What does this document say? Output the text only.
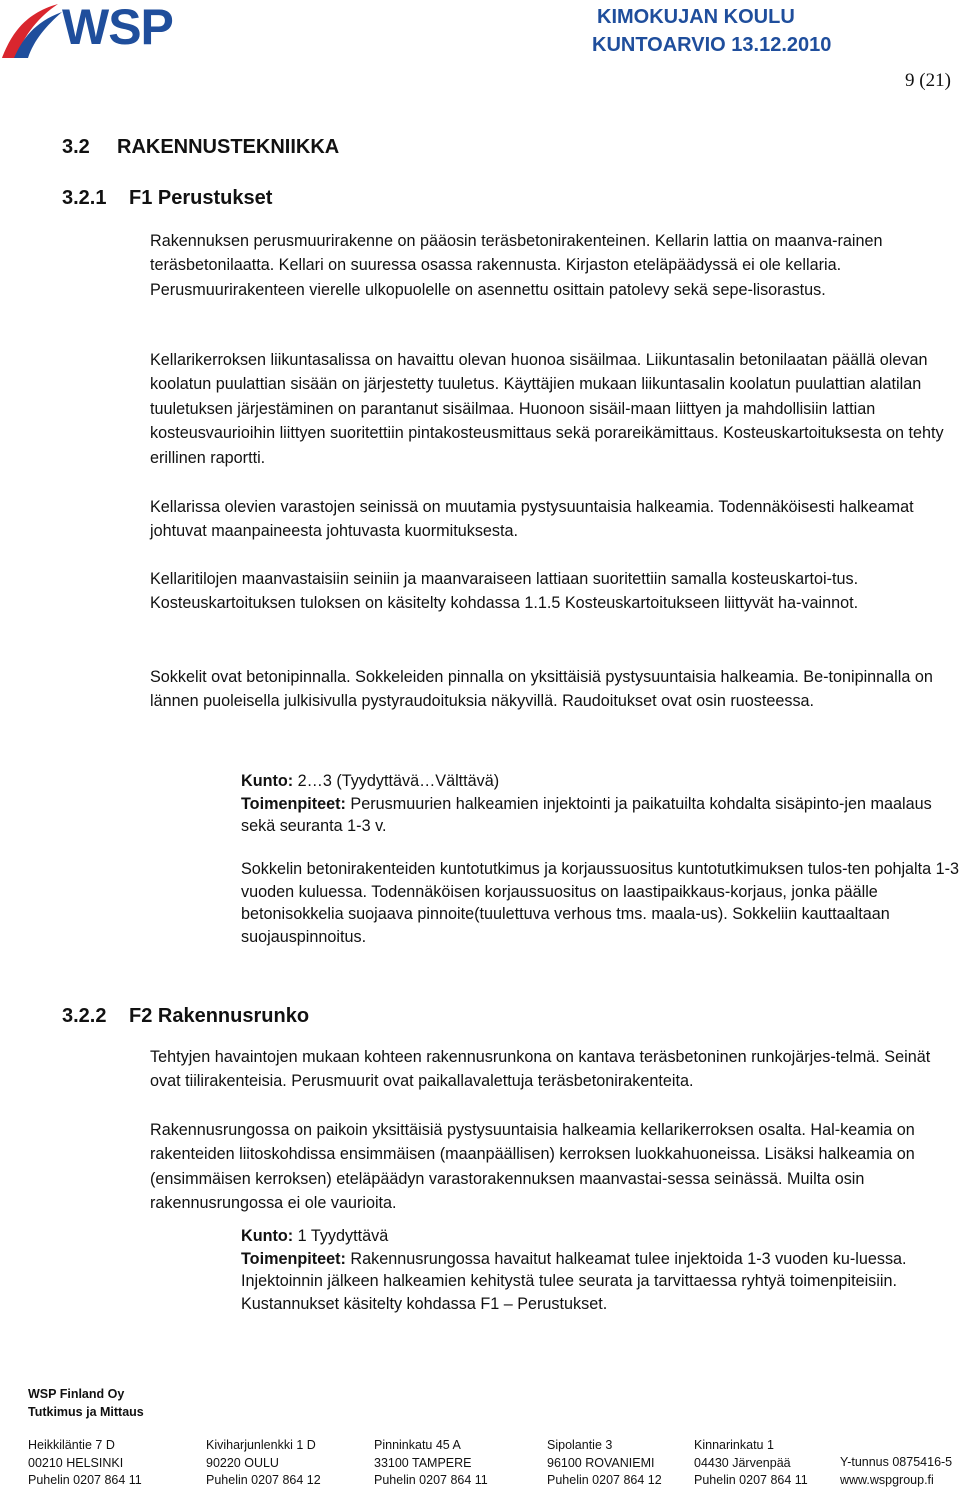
WSP	KIMOKUJAN KOULU
KUNTOARVIO 13.12.2010
9 (21)
3.2 RAKENNUSTEKNIIKKA
3.2.1 F1 Perustukset

Rakennuksen perusmuurirakenne on pääosin teräsbetonirakenteinen. Kellarin lattia on maanva-rainen teräsbetonilaatta. Kellari on suuressa osassa rakennusta. Kirjaston eteläpäädyssä ei ole kellaria. Perusmuurirakenteen vierelle ulkopuolelle on asennettu osittain patolevy sekä sepe-lisorastus.

Kellarikerroksen liikuntasalissa on havaittu olevan huonoa sisäilmaa. Liikuntasalin betonilaatan päällä olevan koolatun puulattian sisään on järjestetty tuuletus. Käyttäjien mukaan liikuntasalin koolatun puulattian alatilan tuuletuksen järjestäminen on parantanut sisäilmaa. Huonoon sisäil-maan liittyen ja mahdollisiin lattian kosteusvaurioihin liittyen suoritettiin pintakosteusmittaus sekä porareikämittaus. Kosteuskartoituksesta on tehty erillinen raportti.

Kellarissa olevien varastojen seinissä on muutamia pystysuuntaisia halkeamia. Todennäköisesti halkeamat johtuvat maanpaineesta johtuvasta kuormituksesta.

Kellaritilojen maanvastaisiin seiniin ja maanvaraiseen lattiaan suoritettiin samalla kosteuskartoi-tus. Kosteuskartoituksen tuloksen on käsitelty kohdassa 1.1.5 Kosteuskartoitukseen liittyvät ha-vainnot.

Sokkelit ovat betonipinnalla. Sokkeleiden pinnalla on yksittäisiä pystysuuntaisia halkeamia. Be-tonipinnalla on lännen puoleisella julkisivulla pystyraudoituksia näkyvillä. Raudoitukset ovat osin ruosteessa.

Kunto: 2…3 (Tyydyttävä…Välttävä)
Toimenpiteet: Perusmuurien halkeamien injektointi ja paikatuilta kohdalta sisäpinto-jen maalaus sekä seuranta 1-3 v.

Sokkelin betonirakenteiden kuntotutkimus ja korjaussuositus kuntotutkimuksen tulos-ten pohjalta 1-3 vuoden kuluessa. Todennäköisen korjaussuositus on laastipaikkaus-korjaus, jonka päälle betonisokkelia suojaava pinnoite(tuulettuva verhous tms. maala-us). Sokkeliin kauttaaltaan suojauspinnoitus.

3.2.2 F2 Rakennusrunko

Tehtyjen havaintojen mukaan kohteen rakennusrunkona on kantava teräsbetoninen runkojärjes-telmä. Seinät ovat tiilirakenteisia. Perusmuurit ovat paikallavalettuja teräsbetonirakenteita.

Rakennusrungossa on paikoin yksittäisiä pystysuuntaisia halkeamia kellarikerroksen osalta. Hal-keamia on rakenteiden liitoskohdissa ensimmäisen (maanpäällisen) kerroksen luokkahuoneissa. Lisäksi halkeamia on (ensimmäisen kerroksen) eteläpäädyn varastorakennuksen maanvastai-sessa seinässä. Muilta osin rakennusrungossa ei ole vaurioita.

Kunto: 1 Tyydyttävä
Toimenpiteet: Rakennusrungossa havaitut halkeamat tulee injektoida 1-3 vuoden ku-luessa. Injektoinnin jälkeen halkeamien kehitystä tulee seurata ja tarvittaessa ryhtyä toimenpiteisiin. Kustannukset käsitelty kohdassa F1 – Perustukset.

WSP Finland Oy
Tutkimus ja Mittaus
Heikkiläntie 7 D
00210 HELSINKI
Puhelin 0207 864 11
Kiviharjunlenkki 1 D
90220 OULU
Puhelin 0207 864 12
Pinninkatu 45 A
33100 TAMPERE
Puhelin 0207 864 11
Sipolantie 3
96100 ROVANIEMI
Puhelin 0207 864 12
Kinnarinkatu 1
04430 Järvenpää
Puhelin 0207 864 11
Y-tunnus 0875416-5
www.wspgroup.fi
